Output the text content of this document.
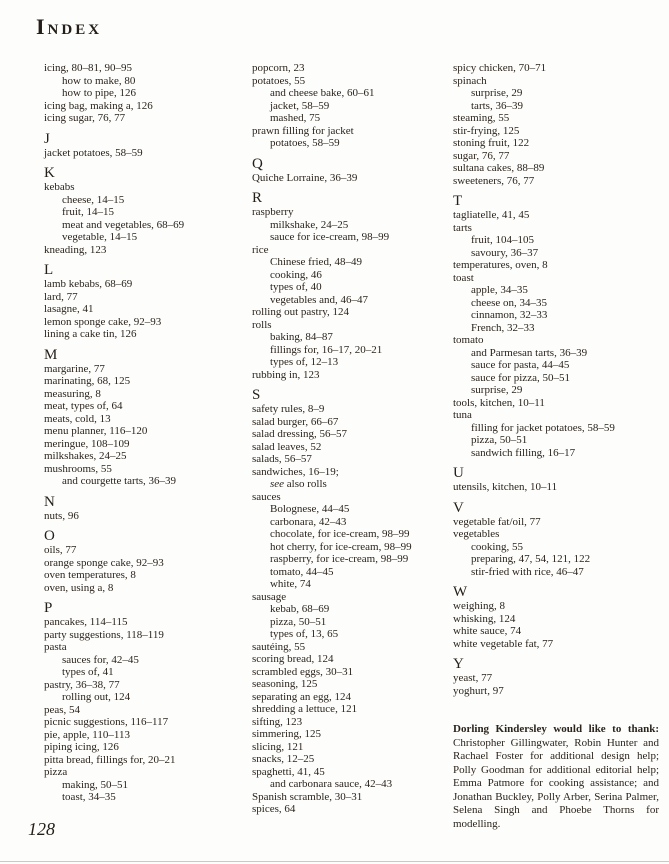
Index
icing, 80–81, 90–95
how to make, 80
how to pipe, 126
icing bag, making a, 126
icing sugar, 76, 77
J
jacket potatoes, 58–59
K
kebabs
cheese, 14–15
fruit, 14–15
meat and vegetables, 68–69
vegetable, 14–15
kneading, 123
L
lamb kebabs, 68–69
lard, 77
lasagne, 41
lemon sponge cake, 92–93
lining a cake tin, 126
M
margarine, 77
marinating, 68, 125
measuring, 8
meat, types of, 64
meats, cold, 13
menu planner, 116–120
meringue, 108–109
milkshakes, 24–25
mushrooms, 55
and courgette tarts, 36–39
N
nuts, 96
O
oils, 77
orange sponge cake, 92–93
oven temperatures, 8
oven, using a, 8
P
pancakes, 114–115
party suggestions, 118–119
pasta
sauces for, 42–45
types of, 41
pastry, 36–38, 77
rolling out, 124
peas, 54
picnic suggestions, 116–117
pie, apple, 110–113
piping icing, 126
pitta bread, fillings for, 20–21
pizza
making, 50–51
toast, 34–35
popcorn, 23
potatoes, 55
and cheese bake, 60–61
jacket, 58–59
mashed, 75
prawn filling for jacket
potatoes, 58–59
Q
Quiche Lorraine, 36–39
R
raspberry
milkshake, 24–25
sauce for ice-cream, 98–99
rice
Chinese fried, 48–49
cooking, 46
types of, 40
vegetables and, 46–47
rolling out pastry, 124
rolls
baking, 84–87
fillings for, 16–17, 20–21
types of, 12–13
rubbing in, 123
S
safety rules, 8–9
salad burger, 66–67
salad dressing, 56–57
salad leaves, 52
salads, 56–57
sandwiches, 16–19;
see also rolls
sauces
Bolognese, 44–45
carbonara, 42–43
chocolate, for ice-cream, 98–99
hot cherry, for ice-cream, 98–99
raspberry, for ice-cream, 98–99
tomato, 44–45
white, 74
sausage
kebab, 68–69
pizza, 50–51
types of, 13, 65
sautéing, 55
scoring bread, 124
scrambled eggs, 30–31
seasoning, 125
separating an egg, 124
shredding a lettuce, 121
sifting, 123
simmering, 125
slicing, 121
snacks, 12–25
spaghetti, 41, 45
and carbonara sauce, 42–43
Spanish scramble, 30–31
spices, 64
spicy chicken, 70–71
spinach
surprise, 29
tarts, 36–39
steaming, 55
stir-frying, 125
stoning fruit, 122
sugar, 76, 77
sultana cakes, 88–89
sweeteners, 76, 77
T
tagliatelle, 41, 45
tarts
fruit, 104–105
savoury, 36–37
temperatures, oven, 8
toast
apple, 34–35
cheese on, 34–35
cinnamon, 32–33
French, 32–33
tomato
and Parmesan tarts, 36–39
sauce for pasta, 44–45
sauce for pizza, 50–51
surprise, 29
tools, kitchen, 10–11
tuna
filling for jacket potatoes, 58–59
pizza, 50–51
sandwich filling, 16–17
U
utensils, kitchen, 10–11
V
vegetable fat/oil, 77
vegetables
cooking, 55
preparing, 47, 54, 121, 122
stir-fried with rice, 46–47
W
weighing, 8
whisking, 124
white sauce, 74
white vegetable fat, 77
Y
yeast, 77
yoghurt, 97

Dorling Kindersley would like to thank: Christopher Gillingwater, Robin Hunter and Rachael Foster for additional design help; Polly Goodman for additional editorial help; Emma Patmore for cooking assistance; and Jonathan Buckley, Polly Arber, Serina Palmer, Selena Singh and Phoebe Thorns for modelling.

128
